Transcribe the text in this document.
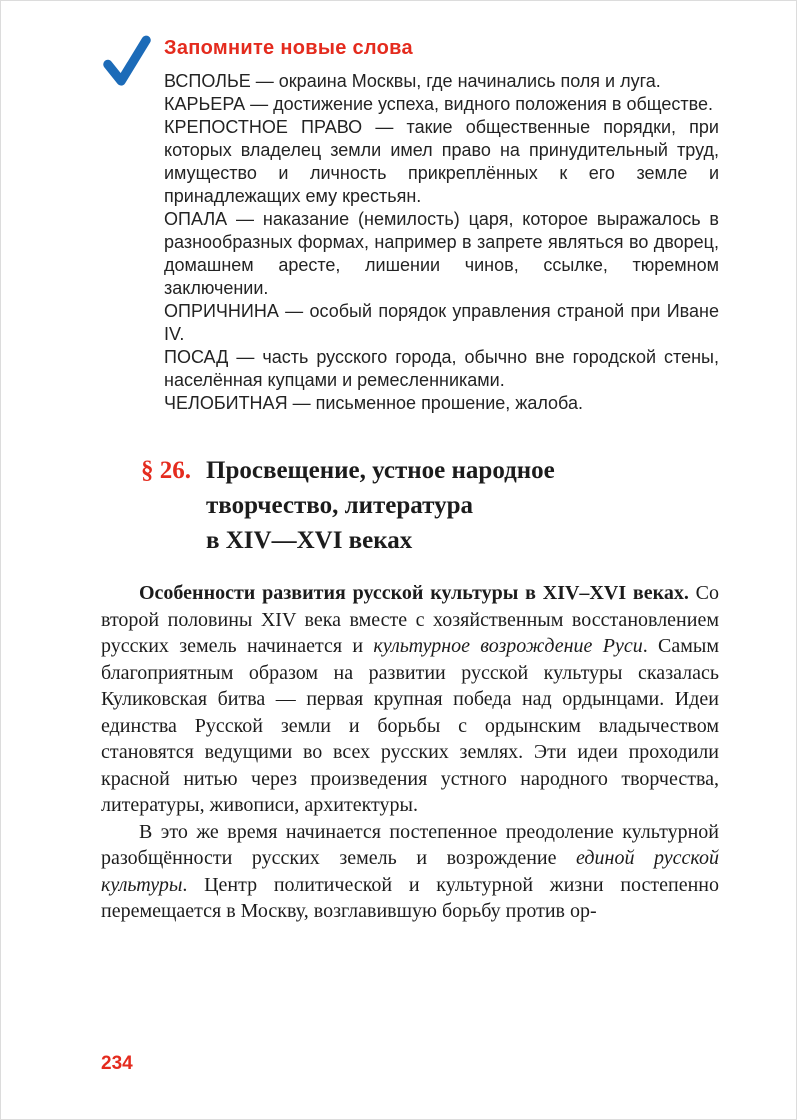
Запомните новые слова

ВСПОЛЬЕ — окраина Москвы, где начинались поля и луга.

КАРЬЕРА — достижение успеха, видного положения в обществе.

КРЕПОСТНОЕ ПРАВО — такие общественные порядки, при которых владелец земли имел право на принудительный труд, имущество и личность прикреплённых к его земле и принадлежащих ему крестьян.

ОПАЛА — наказание (немилость) царя, которое выражалось в разнообразных формах, например в запрете являться во дворец, домашнем аресте, лишении чинов, ссылке, тюремном заключении.

ОПРИЧНИНА — особый порядок управления страной при Иване IV.

ПОСАД — часть русского города, обычно вне городской стены, населённая купцами и ремесленниками.

ЧЕЛОБИТНАЯ — письменное прошение, жалоба.

§ 26. Просвещение, устное народное
творчество, литература
в XIV—XVI веках

Особенности развития русской культуры в XIV–XVI веках. Со второй половины XIV века вместе с хозяйственным восстановлением русских земель начинается и культурное возрождение Руси. Самым благоприятным образом на развитии русской культуры сказалась Куликовская битва — первая крупная победа над ордынцами. Идеи единства Русской земли и борьбы с ордынским владычеством становятся ведущими во всех русских землях. Эти идеи проходили красной нитью через произведения устного народного творчества, литературы, живописи, архитектуры.

В это же время начинается постепенное преодоление культурной разобщённости русских земель и возрождение единой русской культуры. Центр политической и культурной жизни постепенно перемещается в Москву, возглавившую борьбу против ор-

234
